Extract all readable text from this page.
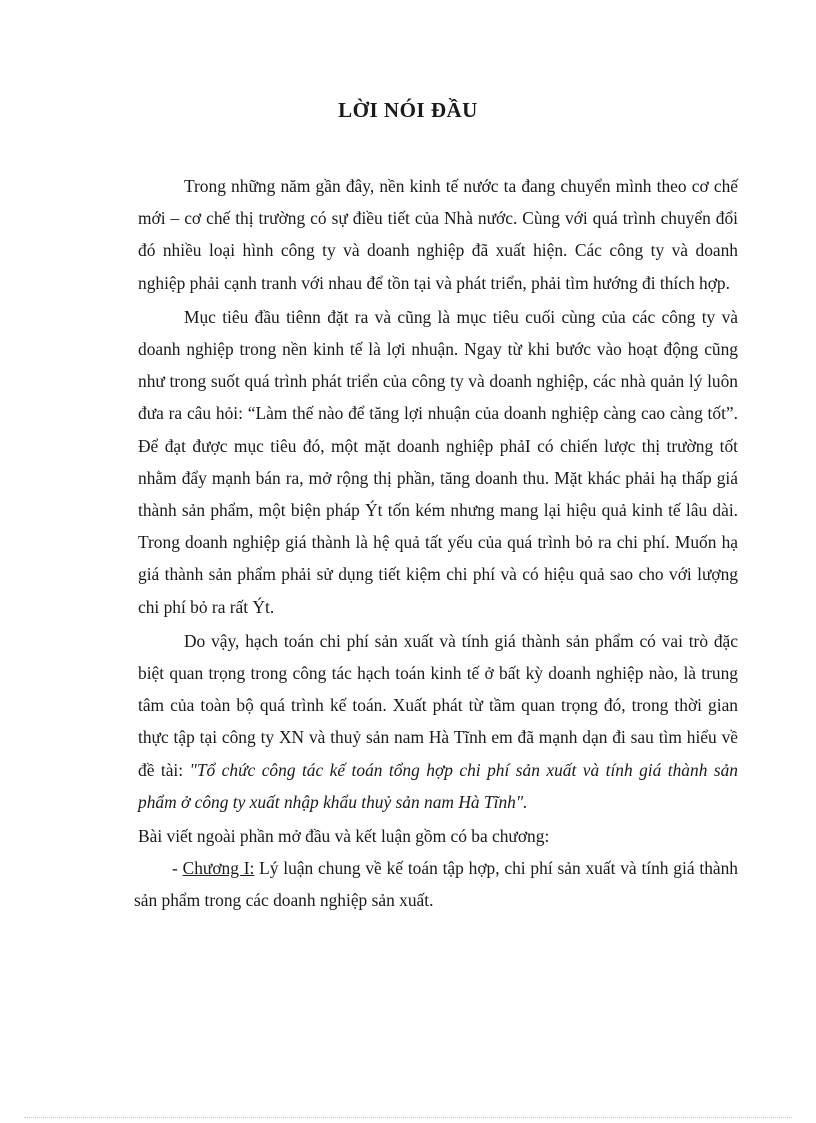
LỜI NÓI ĐẦU

Trong những năm gần đây, nền kinh tế nước ta đang chuyển mình theo cơ chế mới – cơ chế thị trường có sự điều tiết của Nhà nước. Cùng với quá trình chuyển đổi đó nhiều loại hình công ty và doanh nghiệp đã xuất hiện. Các công ty và doanh nghiệp phải cạnh tranh với nhau để tồn tại và phát triển, phải tìm hướng đi thích hợp.

Mục tiêu đầu tiênn đặt ra và cũng là mục tiêu cuối cùng của các công ty và doanh nghiệp trong nền kinh tế là lợi nhuận. Ngay từ khi bước vào hoạt động cũng như trong suốt quá trình phát triển của công ty và doanh nghiệp, các nhà quản lý luôn đưa ra câu hỏi: “Làm thế nào để tăng lợi nhuận của doanh nghiệp càng cao càng tốt”. Để đạt được mục tiêu đó, một mặt doanh nghiệp phảI có chiến lược thị trường tốt nhằm đẩy mạnh bán ra, mở rộng thị phần, tăng doanh thu. Mặt khác phải hạ thấp giá thành sản phẩm, một biện pháp Ýt tốn kém nhưng mang lại hiệu quả kinh tế lâu dài. Trong doanh nghiệp giá thành là hệ quả tất yếu của quá trình bỏ ra chi phí. Muốn hạ giá thành sản phẩm phải sử dụng tiết kiệm chi phí và có hiệu quả sao cho với lượng chi phí bỏ ra rất Ýt.

Do vậy, hạch toán chi phí sản xuất và tính giá thành sản phẩm có vai trò đặc biệt quan trọng trong công tác hạch toán kinh tế ở bất kỳ doanh nghiệp nào, là trung tâm của toàn bộ quá trình kế toán. Xuất phát từ tầm quan trọng đó, trong thời gian thực tập tại công ty XN và thuỷ sản nam Hà Tĩnh em đã mạnh dạn đi sau tìm hiểu về đề tài: "Tổ chức công tác kế toán tổng hợp chi phí sản xuất và tính giá thành sản phẩm ở công ty xuất nhập khẩu thuỷ sản nam Hà Tĩnh".

Bài viết ngoài phần mở đầu và kết luận gồm có ba chương:

- Chương I: Lý luận chung về kế toán tập hợp, chi phí sản xuất và tính giá thành sản phẩm trong các doanh nghiệp sản xuất.
